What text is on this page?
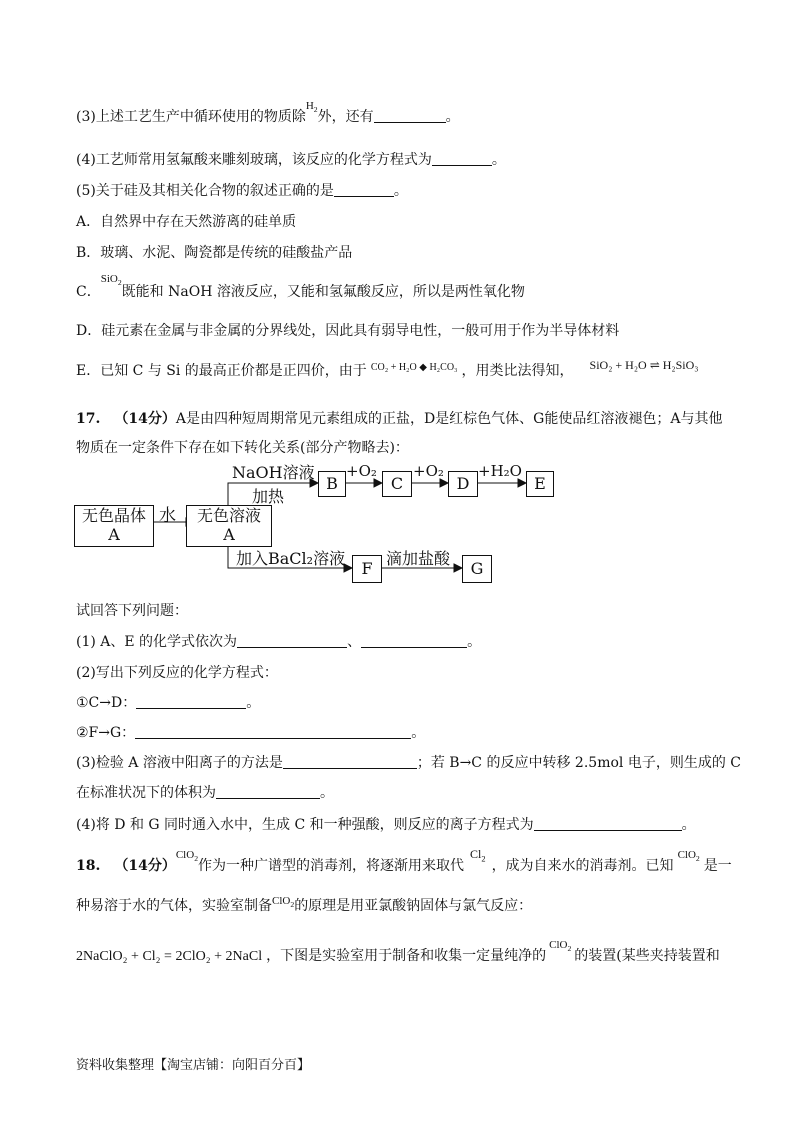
(3)上述工艺生产中循环使用的物质除$^{H_2}$外，还有	。
(4)工艺师常用氢氟酸来雕刻玻璃，该反应的化学方程式为	。
(5)关于硅及其相关化合物的叙述正确的是	。
A．自然界中存在天然游离的硅单质
B．玻璃、水泥、陶瓷都是传统的硅酸盐产品
C．$^{SiO_2}$既能和 NaOH 溶液反应，又能和氢氟酸反应，所以是两性氧化物
D．硅元素在金属与非金属的分界线处，因此具有弱导电性，一般可用于作为半导体材料
E．已知 C 与 Si 的最高正价都是正四价，由于 $^{CO_2 + H_2O ◆ H_2CO_3}$ ，用类比法得知， SiO₂ + H₂O ⇌ H₂SiO₃
17. （14分）A是由四种短周期常见元素组成的正盐，D是红棕色气体、G能使品红溶液褪色；A与其他
物质在一定条件下存在如下转化关系(部分产物略去)：
无色晶体
A
水	无色溶液
A
NaOH溶液
加热
+O₂ +O₂ +H₂O
B	C	D	E
加入BaCl₂溶液	滴加盐酸
F	G
试回答下列问题：
(1) A、E 的化学式依次为	、	。
(2)写出下列反应的化学方程式：
①C→D：	。
②F→G：	。
(3)检验 A 溶液中阳离子的方法是	；若 B→C 的反应中转移 2.5mol 电子，则生成的 C
在标准状况下的体积为	。
(4)将 D 和 G 同时通入水中，生成 C 和一种强酸，则反应的离子方程式为	。
18. （14分）$^{ClO_2}$作为一种广谱型的消毒剂，将逐渐用来取代$Cl_2$ ，成为自来水的消毒剂。已知$^{ClO_2}$ 是一
种易溶于水的气体，实验室制备$^{ClO_2}$的原理是用亚氯酸钠固体与氯气反应：
2NaClO₂ + Cl₂ = 2ClO₂ + 2NaCl ，下图是实验室用于制备和收集一定量纯净的$^{ClO_2}$ 的装置(某些夹持装置和
资料收集整理【淘宝店铺：向阳百分百】
